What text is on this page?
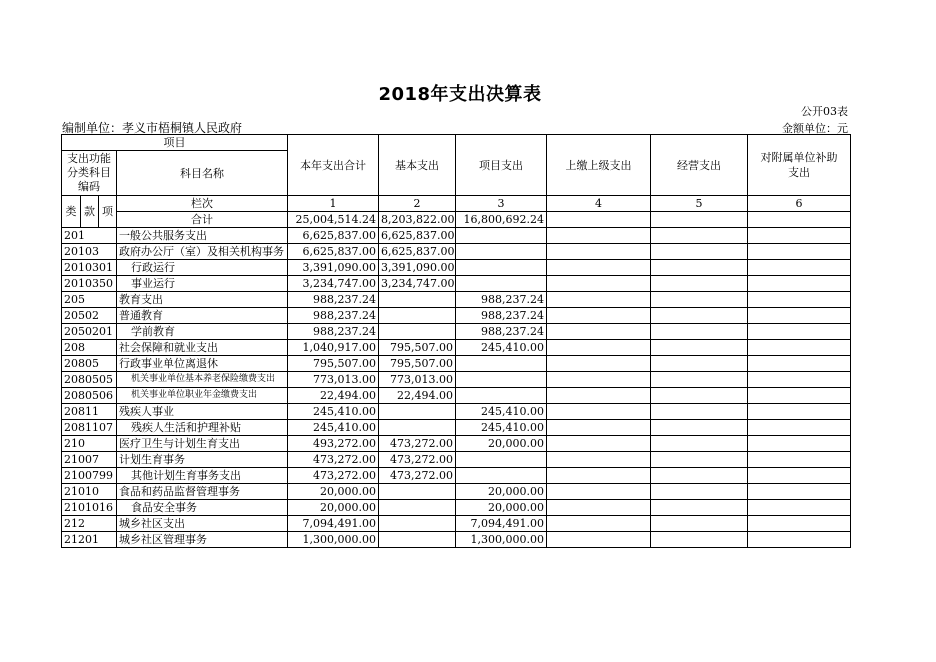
2018年支出决算表
公开03表
编制单位：孝义市梧桐镇人民政府	金额单位：元
项目				本年支出合计	基本支出	项目支出	上缴上级支出	经营支出	对附属单位补助
支出

支出功能
分类科目
编码			科目名称						

类	款	项	栏次	1	2	3	4	5	6
			合计	25,004,514.24	8,203,822.00	16,800,692.24			
201			一般公共服务支出	6,625,837.00	6,625,837.00				
20103			政府办公厅（室）及相关机构事务	6,625,837.00	6,625,837.00				
2010301			行政运行	3,391,090.00	3,391,090.00				
2010350			事业运行	3,234,747.00	3,234,747.00				
205			教育支出	988,237.24		988,237.24			
20502			普通教育	988,237.24		988,237.24			
2050201			学前教育	988,237.24		988,237.24			
208			社会保障和就业支出	1,040,917.00	795,507.00	245,410.00			
20805			行政事业单位离退休	795,507.00	795,507.00				
2080505			机关事业单位基本养老保险缴费支出	773,013.00	773,013.00				
2080506			机关事业单位职业年金缴费支出	22,494.00	22,494.00				
20811			残疾人事业	245,410.00		245,410.00			
2081107			残疾人生活和护理补贴	245,410.00		245,410.00			
210			医疗卫生与计划生育支出	493,272.00	473,272.00	20,000.00			
21007			计划生育事务	473,272.00	473,272.00				
2100799			其他计划生育事务支出	473,272.00	473,272.00				
21010			食品和药品监督管理事务	20,000.00		20,000.00			
2101016			食品安全事务	20,000.00		20,000.00			
212			城乡社区支出	7,094,491.00		7,094,491.00			
21201			城乡社区管理事务	1,300,000.00		1,300,000.00			
